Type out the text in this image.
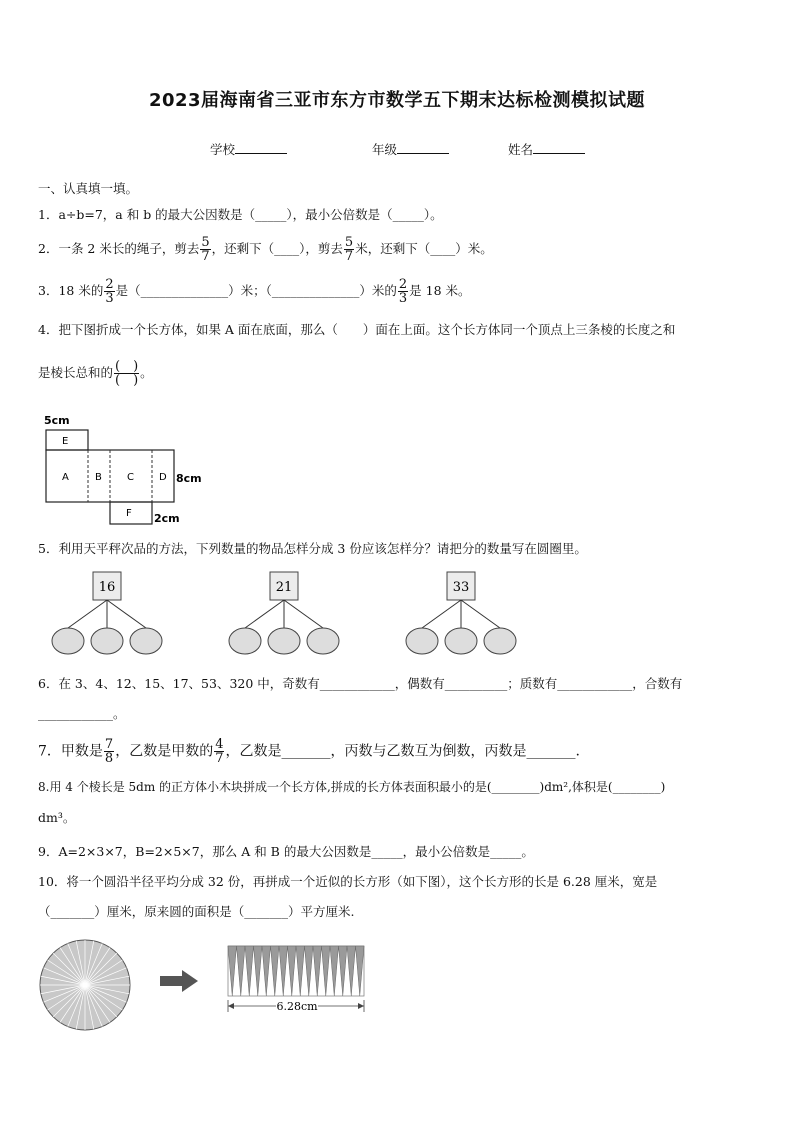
2023届海南省三亚市东方市数学五下期末达标检测模拟试题
学校	年级	姓名
一、认真填一填。
1．a÷b=7，a 和 b 的最大公因数是（_____），最小公倍数是（_____）。
2．一条 2 米长的绳子，剪去 $\frac{5}{7}$ ，还剩下（____），剪去 $\frac{5}{7}$ 米，还剩下（____）米。
3．18 米的 $\frac{2}{3}$ 是（______________）米；（______________）米的 $\frac{2}{3}$ 是 18 米。
4．把下图折成一个长方体，如果 A 面在底面，那么（　　）面在上面。这个长方体同一个顶点上三条棱的长度之和
是棱长总和的 $\frac{( )}{( )}$ 。
5cm
E
A	B	C	D 8cm
F 2cm
5．利用天平秤次品的方法，下列数量的物品怎样分成 3 份应该怎样分？请把分的数量写在圆圈里。
16	21	33
6．在 3、4、12、15、17、53、320 中，奇数有____________，偶数有__________；质数有____________，合数有
____________。
7．甲数是 $\frac{7}{8}$ ，乙数是甲数的 $\frac{4}{7}$ ，乙数是_______，丙数与乙数互为倒数，丙数是_______.
8.用 4 个棱长是 5dm 的正方体小木块拼成一个长方体,拼成的长方体表面积最小的是(________)dm²,体积是(________)
dm³。
9．A=2×3×7，B=2×5×7，那么 A 和 B 的最大公因数是_____，最小公倍数是_____。
10．将一个圆沿半径平均分成 32 份，再拼成一个近似的长方形（如下图），这个长方形的长是 6.28 厘米，宽是
（_______）厘米，原来圆的面积是（_______）平方厘米.
6.28cm
